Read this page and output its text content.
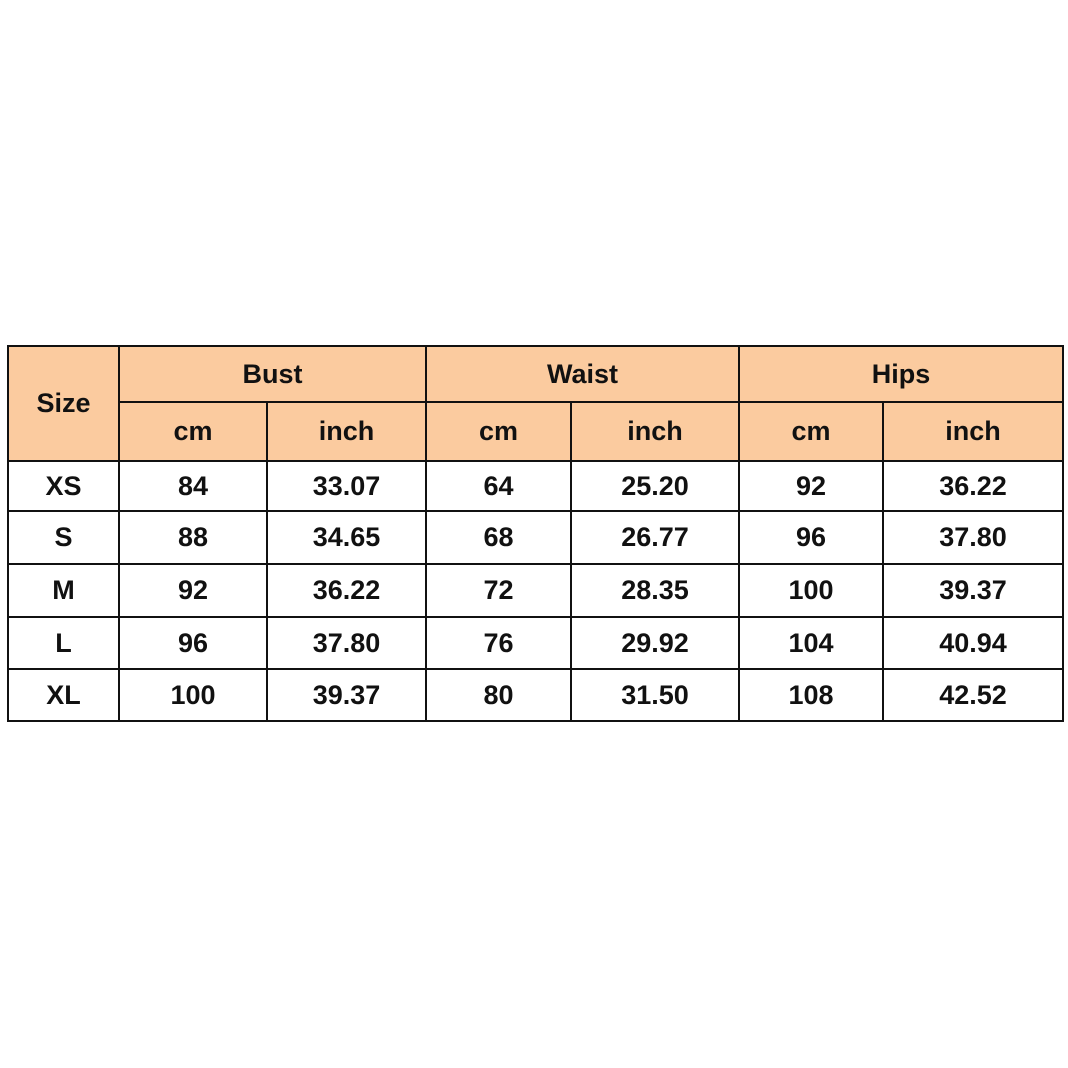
Size	Bust		Waist		Hips	
	cm	inch	cm	inch	cm	inch
XS	84	33.07	64	25.20	92	36.22
S	88	34.65	68	26.77	96	37.80
M	92	36.22	72	28.35	100	39.37
L	96	37.80	76	29.92	104	40.94
XL	100	39.37	80	31.50	108	42.52
